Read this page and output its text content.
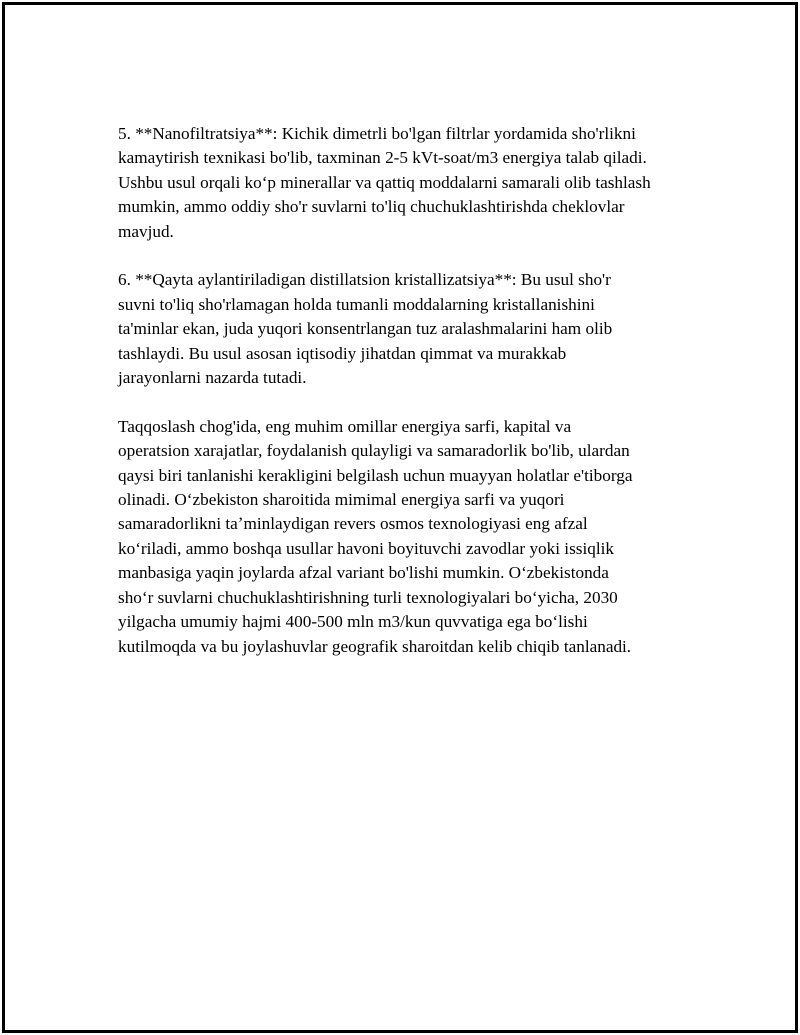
5. **Nanofiltratsiya**: Kichik dimetrli bo'lgan filtrlar yordamida sho'rlikni
kamaytirish texnikasi bo'lib, taxminan 2-5 kVt-soat/m3 energiya talab qiladi.
Ushbu usul orqali koʻp minerallar va qattiq moddalarni samarali olib tashlash
mumkin, ammo oddiy sho'r suvlarni to'liq chuchuklashtirishda cheklovlar
mavjud.
6. **Qayta aylantiriladigan distillatsion kristallizatsiya**: Bu usul sho'r
suvni to'liq sho'rlamagan holda tumanli moddalarning kristallanishini
ta'minlar ekan, juda yuqori konsentrlangan tuz aralashmalarini ham olib
tashlaydi. Bu usul asosan iqtisodiy jihatdan qimmat va murakkab
jarayonlarni nazarda tutadi.
Taqqoslash chog'ida, eng muhim omillar energiya sarfi, kapital va
operatsion xarajatlar, foydalanish qulayligi va samaradorlik bo'lib, ulardan
qaysi biri tanlanishi kerakligini belgilash uchun muayyan holatlar e'tiborga
olinadi. Oʻzbekiston sharoitida mimimal energiya sarfi va yuqori
samaradorlikni taʼminlaydigan revers osmos texnologiyasi eng afzal
koʻriladi, ammo boshqa usullar havoni boyituvchi zavodlar yoki issiqlik
manbasiga yaqin joylarda afzal variant bo'lishi mumkin. Oʻzbekistonda
shoʻr suvlarni chuchuklashtirishning turli texnologiyalari boʻyicha, 2030
yilgacha umumiy hajmi 400-500 mln m3/kun quvvatiga ega boʻlishi
kutilmoqda va bu joylashuvlar geografik sharoitdan kelib chiqib tanlanadi.
